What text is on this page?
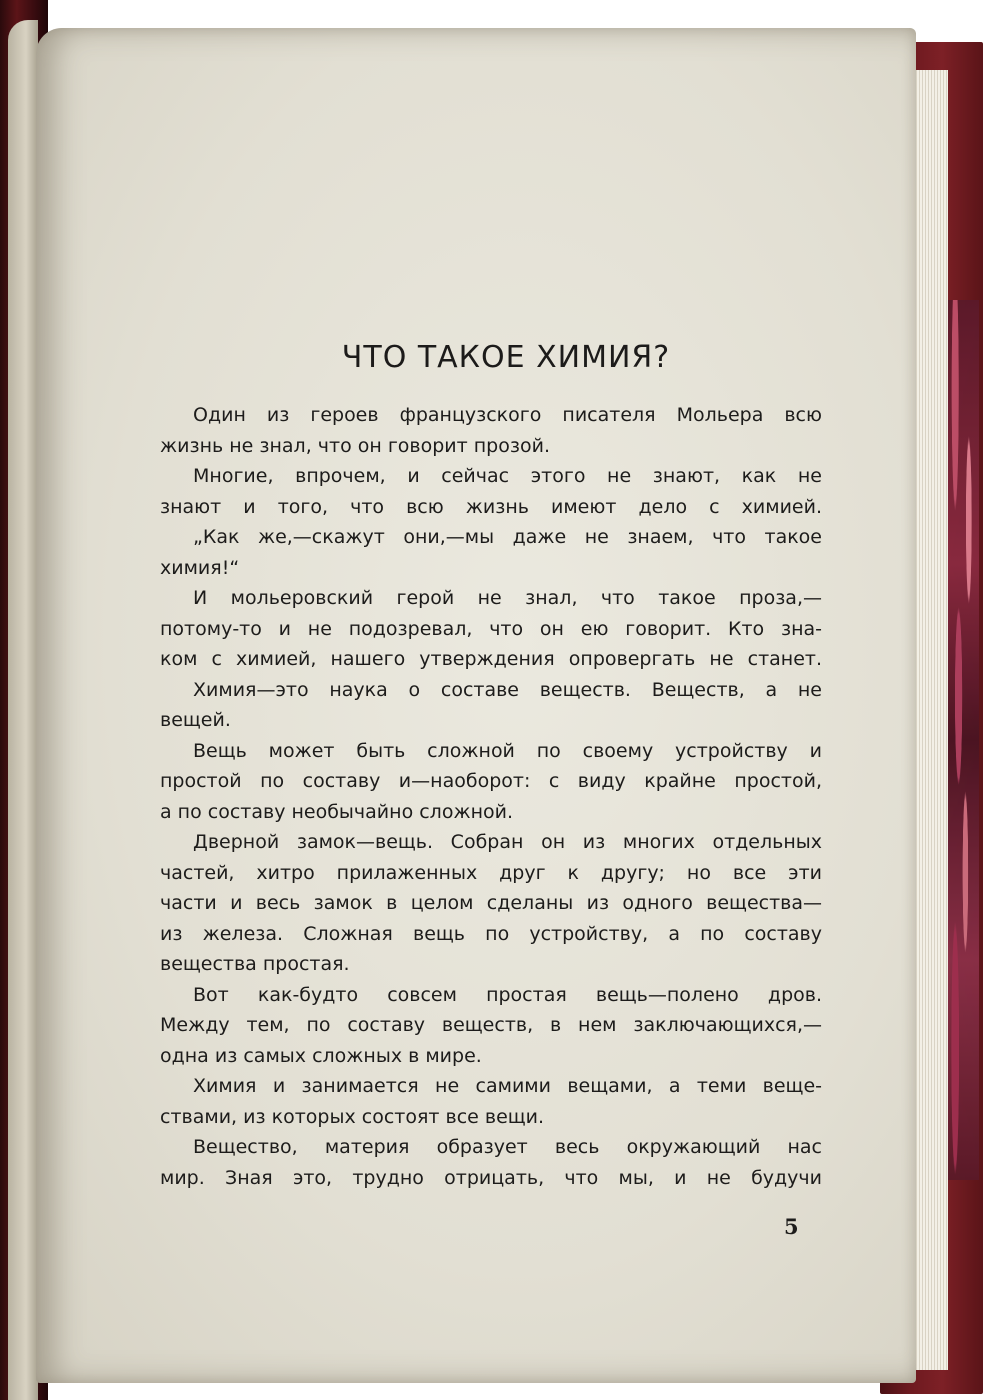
ЧТО ТАКОЕ ХИМИЯ?
Один из героев французского писателя Мольера всю
жизнь не знал, что он говорит прозой.
Многие, впрочем, и сейчас этого не знают, как не
знают и того, что всю жизнь имеют дело с химией.
„Как же,—скажут они,—мы даже не знаем, что такое
химия!“
И мольеровский герой не знал, что такое проза,—
потому-то и не подозревал, что он ею говорит. Кто зна-
ком с химией, нашего утверждения опровергать не станет.
Химия—это наука о составе веществ. Веществ, а не
вещей.
Вещь может быть сложной по своему устройству и
простой по составу и—наоборот: с виду крайне простой,
а по составу необычайно сложной.
Дверной замок—вещь. Собран он из многих отдельных
частей, хитро прилаженных друг к другу; но все эти
части и весь замок в целом сделаны из одного вещества—
из железа. Сложная вещь по устройству, а по составу
вещества простая.
Вот как-будто совсем простая вещь—полено дров.
Между тем, по составу веществ, в нем заключающихся,—
одна из самых сложных в мире.
Химия и занимается не самими вещами, а теми веще-
ствами, из которых состоят все вещи.
Вещество, материя образует весь окружающий нас
мир. Зная это, трудно отрицать, что мы, и не будучи
5
